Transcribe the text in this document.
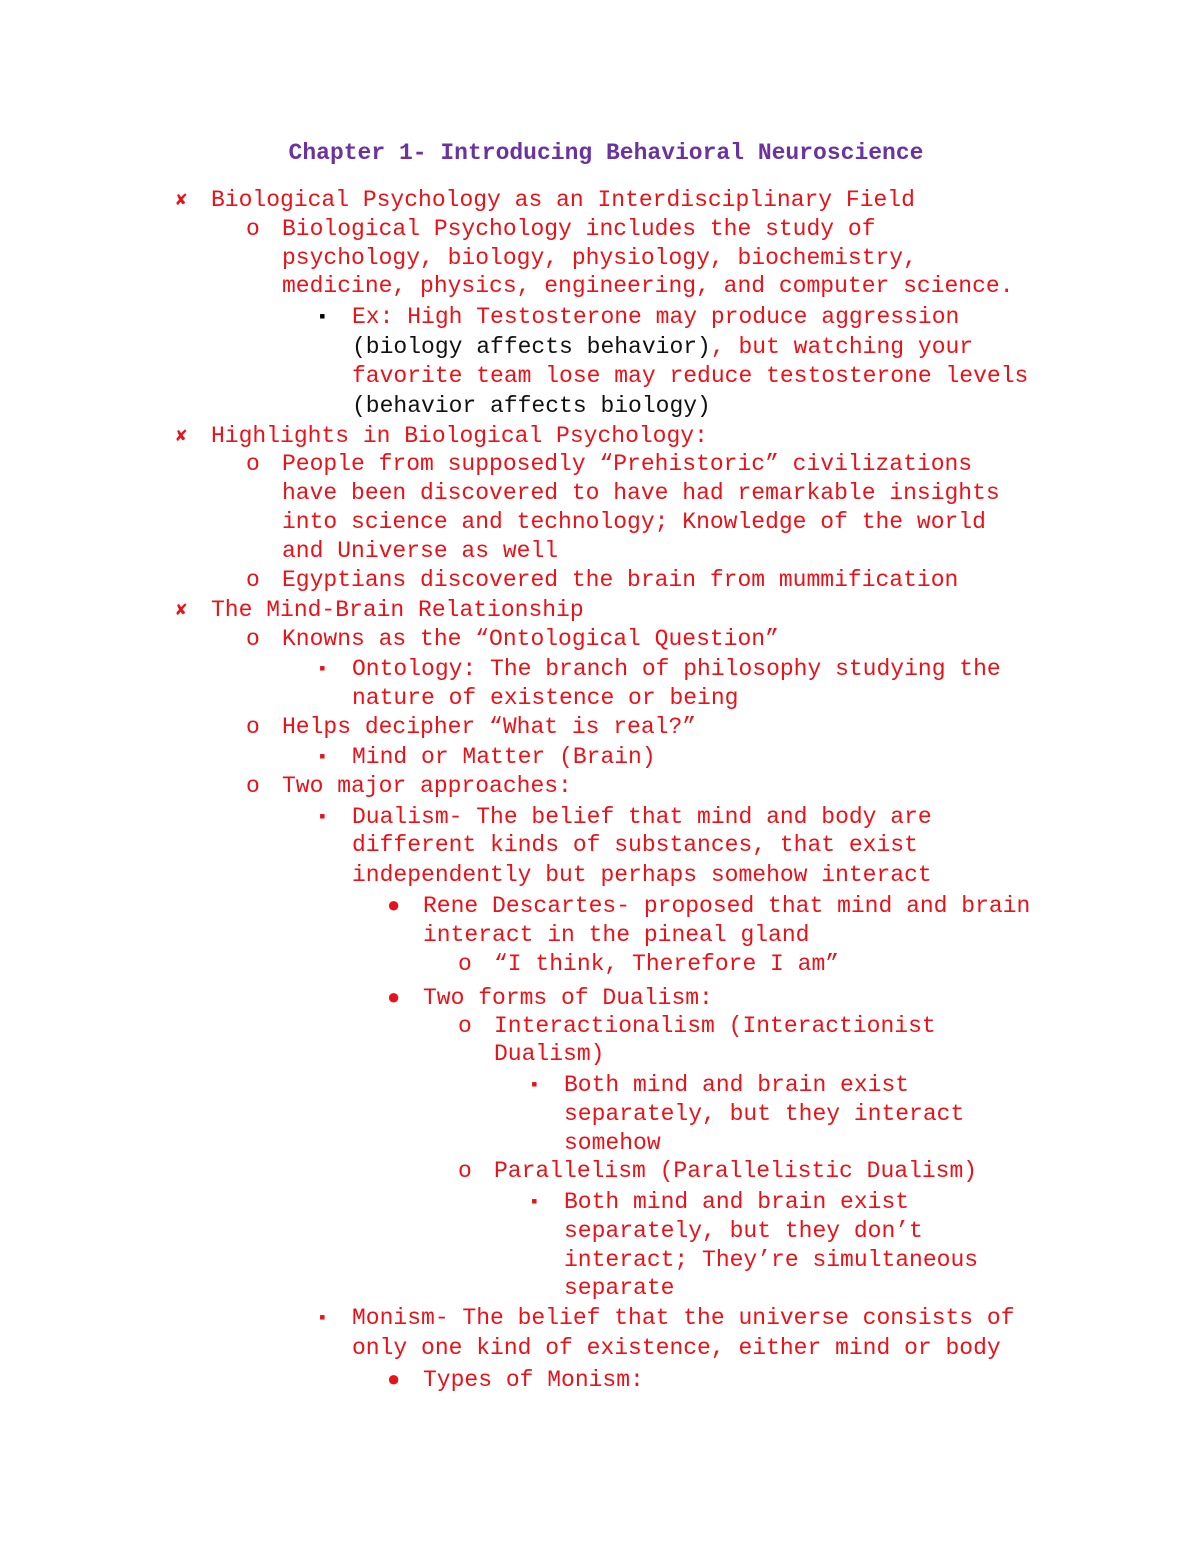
Chapter 1- Introducing Behavioral Neuroscience
✘ Biological Psychology as an Interdisciplinary Field
o Biological Psychology includes the study of
psychology, biology, physiology, biochemistry,
medicine, physics, engineering, and computer science.
▪ Ex: High Testosterone may produce aggression
(biology affects behavior), but watching your
favorite team lose may reduce testosterone levels
(behavior affects biology)
✘ Highlights in Biological Psychology:
o People from supposedly “Prehistoric” civilizations
have been discovered to have had remarkable insights
into science and technology; Knowledge of the world
and Universe as well
o Egyptians discovered the brain from mummification
✘ The Mind-Brain Relationship
o Knowns as the “Ontological Question”
▪ Ontology: The branch of philosophy studying the
nature of existence or being
o Helps decipher “What is real?”
▪ Mind or Matter (Brain)
o Two major approaches:
▪ Dualism- The belief that mind and body are
different kinds of substances, that exist
independently but perhaps somehow interact
● Rene Descartes- proposed that mind and brain
interact in the pineal gland
o “I think, Therefore I am”
● Two forms of Dualism:
o Interactionalism (Interactionist
Dualism)
▪ Both mind and brain exist
separately, but they interact
somehow
o Parallelism (Parallelistic Dualism)
▪ Both mind and brain exist
separately, but they don’t
interact; They’re simultaneous
separate
▪ Monism- The belief that the universe consists of
only one kind of existence, either mind or body
● Types of Monism:
